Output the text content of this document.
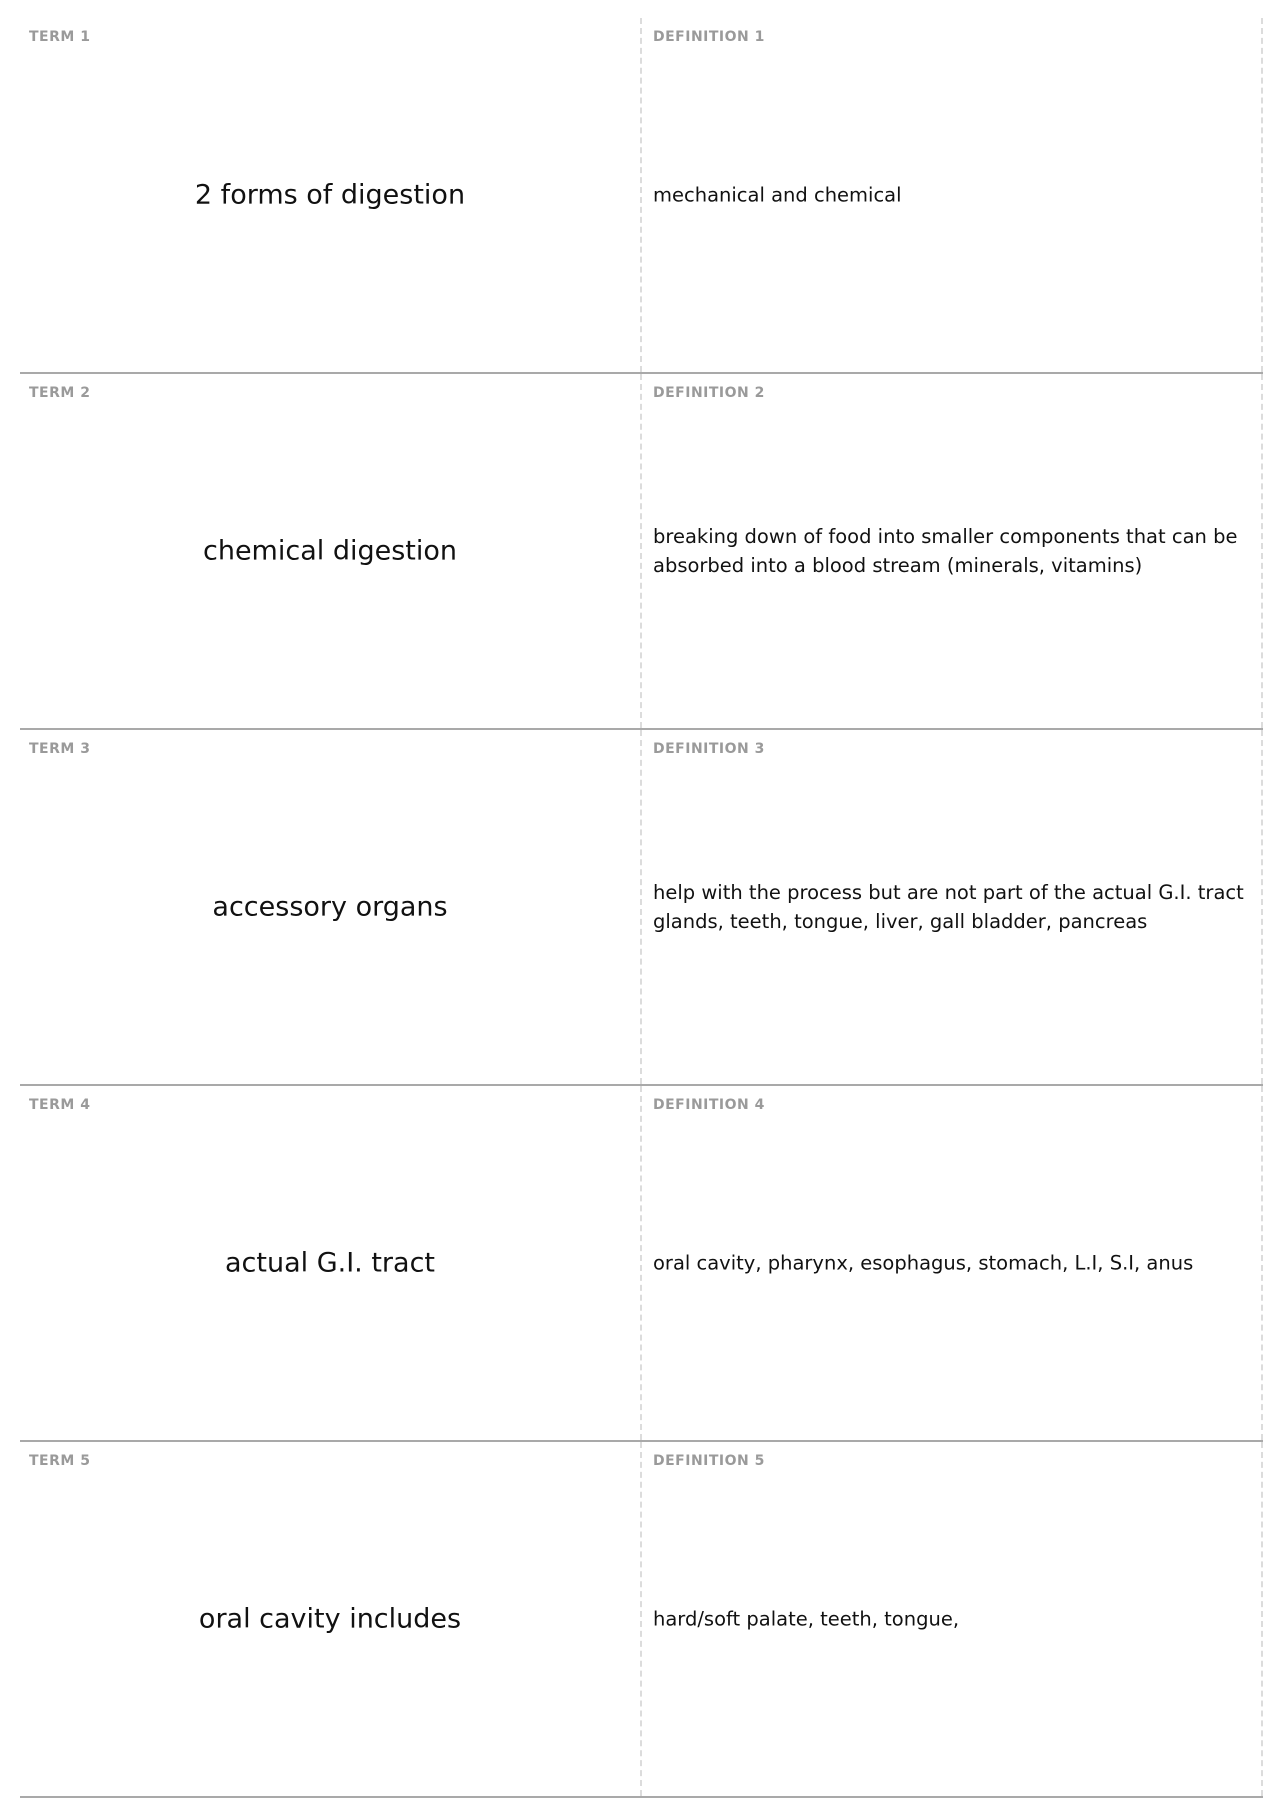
TERM 1
2 forms of digestion
DEFINITION 1
mechanical and chemical
TERM 2
chemical digestion
DEFINITION 2
breaking down of food into smaller components that can be absorbed into a blood stream (minerals, vitamins)
TERM 3
accessory organs
DEFINITION 3
help with the process but are not part of the actual G.I. tract
glands, teeth, tongue, liver, gall bladder, pancreas
TERM 4
actual G.I. tract
DEFINITION 4
oral cavity, pharynx, esophagus, stomach, L.I, S.I, anus
TERM 5
oral cavity includes
DEFINITION 5
hard/soft palate, teeth, tongue,
